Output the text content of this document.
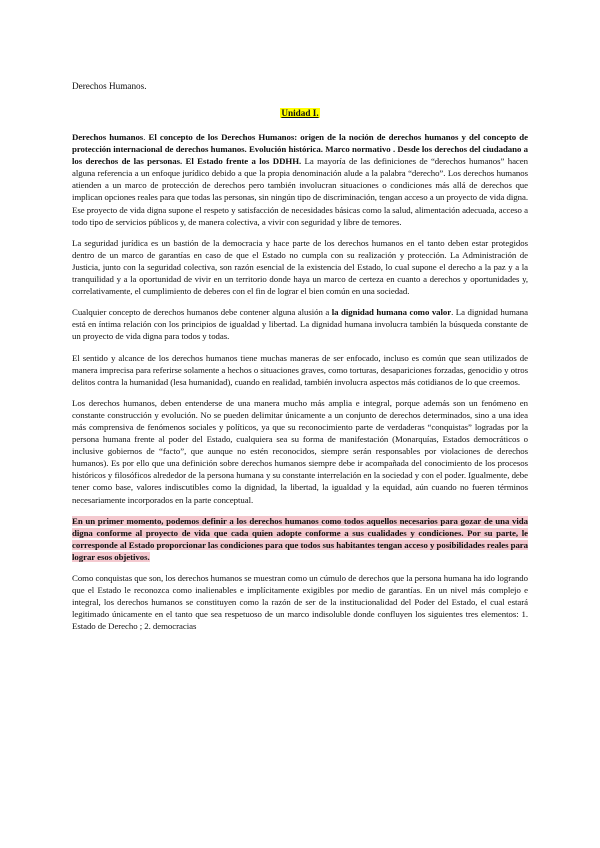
Derechos Humanos.
Unidad I.

Derechos humanos. El concepto de los Derechos Humanos: origen de la noción de derechos humanos y del concepto de protección internacional de derechos humanos. Evolución histórica. Marco normativo . Desde los derechos del ciudadano a los derechos de las personas. El Estado frente a los DDHH. La mayoría de las definiciones de “derechos humanos” hacen alguna referencia a un enfoque jurídico debido a que la propia denominación alude a la palabra “derecho”. Los derechos humanos atienden a un marco de protección de derechos pero también involucran situaciones o condiciones más allá de derechos que implican opciones reales para que todas las personas, sin ningún tipo de discriminación, tengan acceso a un proyecto de vida digna. Ese proyecto de vida digna supone el respeto y satisfacción de necesidades básicas como la salud, alimentación adecuada, acceso a todo tipo de servicios públicos y, de manera colectiva, a vivir con seguridad y libre de temores.

La seguridad jurídica es un bastión de la democracia y hace parte de los derechos humanos en el tanto deben estar protegidos dentro de un marco de garantías en caso de que el Estado no cumpla con su realización y protección. La Administración de Justicia, junto con la seguridad colectiva, son razón esencial de la existencia del Estado, lo cual supone el derecho a la paz y a la tranquilidad y a la oportunidad de vivir en un territorio donde haya un marco de certeza en cuanto a derechos y oportunidades y, correlativamente, el cumplimiento de deberes con el fin de lograr el bien común en una sociedad.

Cualquier concepto de derechos humanos debe contener alguna alusión a la dignidad humana como valor. La dignidad humana está en íntima relación con los principios de igualdad y libertad. La dignidad humana involucra también la búsqueda constante de un proyecto de vida digna para todos y todas.

El sentido y alcance de los derechos humanos tiene muchas maneras de ser enfocado, incluso es común que sean utilizados de manera imprecisa para referirse solamente a hechos o situaciones graves, como torturas, desapariciones forzadas, genocidio y otros delitos contra la humanidad (lesa humanidad), cuando en realidad, también involucra aspectos más cotidianos de lo que creemos.

Los derechos humanos, deben entenderse de una manera mucho más amplia e integral, porque además son un fenómeno en constante construcción y evolución. No se pueden delimitar únicamente a un conjunto de derechos determinados, sino a una idea más comprensiva de fenómenos sociales y políticos, ya que su reconocimiento parte de verdaderas “conquistas” logradas por la persona humana frente al poder del Estado, cualquiera sea su forma de manifestación (Monarquías, Estados democráticos o inclusive gobiernos de “facto”, que aunque no estén reconocidos, siempre serán responsables por violaciones de derechos humanos). Es por ello que una definición sobre derechos humanos siempre debe ir acompañada del conocimiento de los procesos históricos y filosóficos alrededor de la persona humana y su constante interrelación en la sociedad y con el poder. Igualmente, debe tener como base, valores indiscutibles como la dignidad, la libertad, la igualdad y la equidad, aún cuando no fueren términos necesariamente incorporados en la parte conceptual.

En un primer momento, podemos definir a los derechos humanos como todos aquellos necesarios para gozar de una vida digna conforme al proyecto de vida que cada quien adopte conforme a sus cualidades y condiciones. Por su parte, le corresponde al Estado proporcionar las condiciones para que todos sus habitantes tengan acceso y posibilidades reales para lograr esos objetivos.

Como conquistas que son, los derechos humanos se muestran como un cúmulo de derechos que la persona humana ha ido logrando que el Estado le reconozca como inalienables e implícitamente exigibles por medio de garantías. En un nivel más complejo e integral, los derechos humanos se constituyen como la razón de ser de la institucionalidad del Poder del Estado, el cual estará legitimado únicamente en el tanto que sea respetuoso de un marco indisoluble donde confluyen los siguientes tres elementos: 1. Estado de Derecho ; 2. democracias
